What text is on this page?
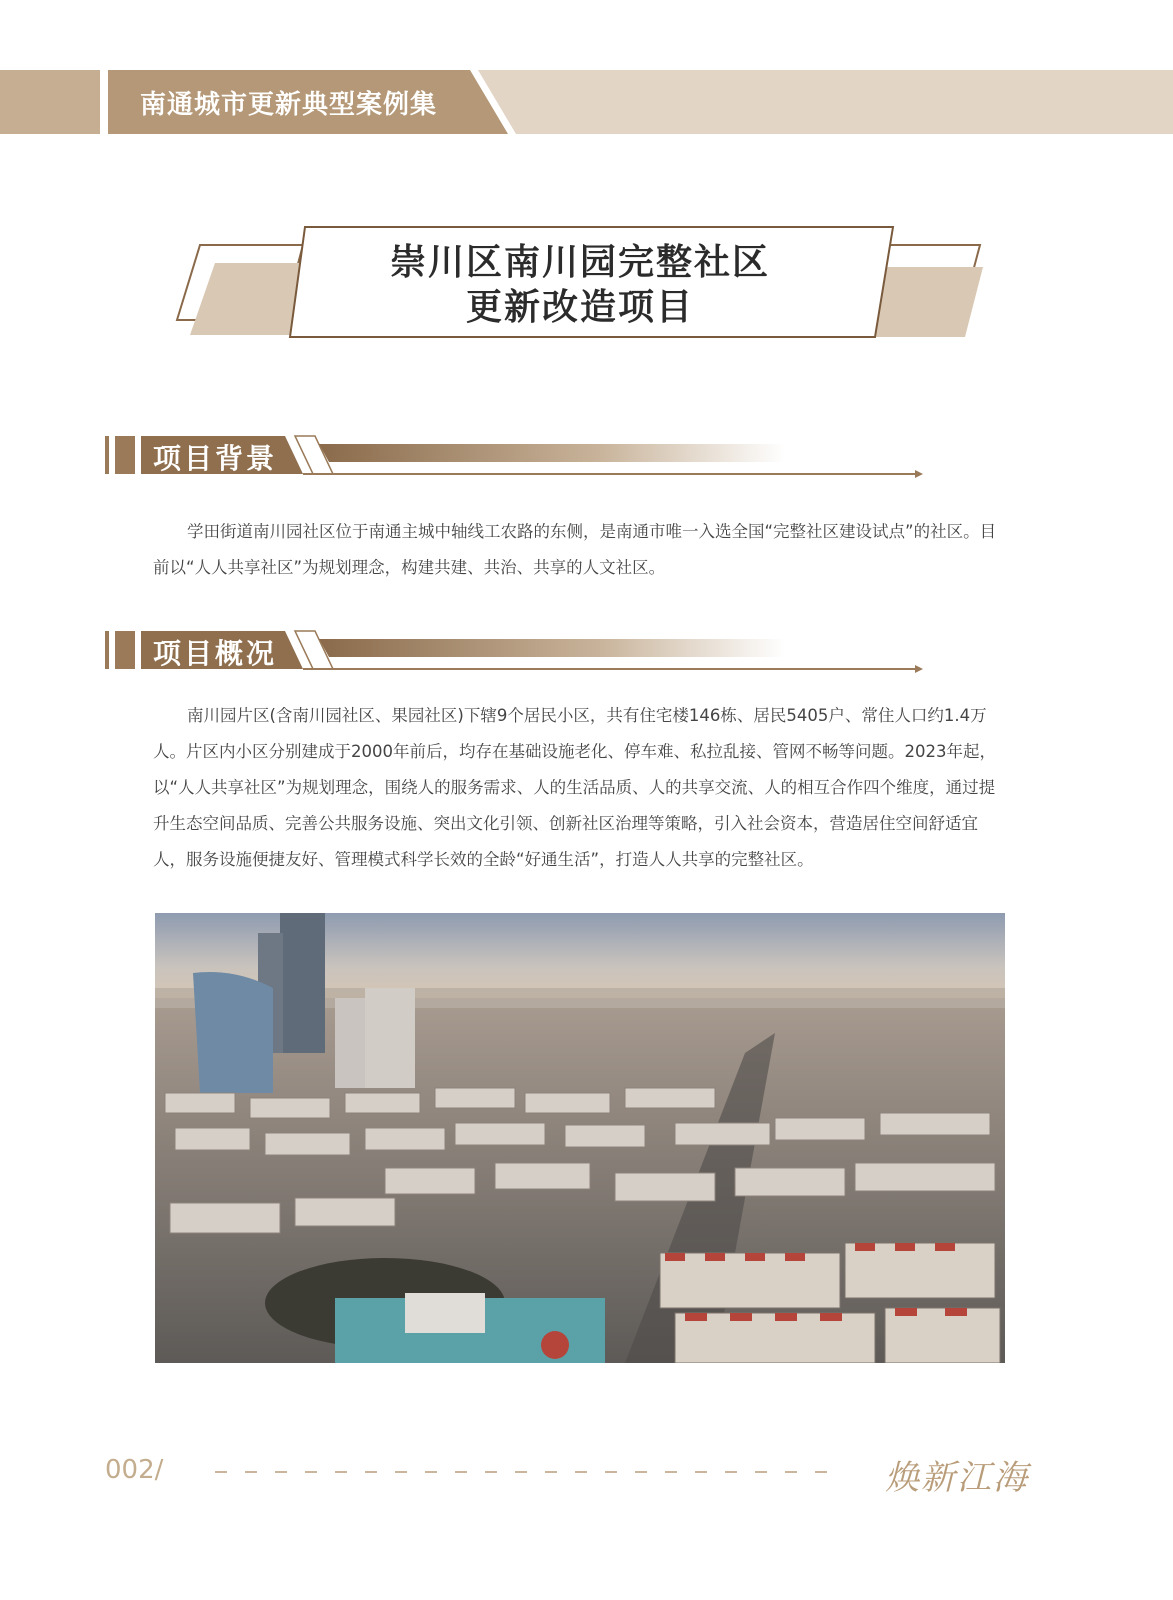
南通城市更新典型案例集
崇川区南川园完整社区
更新改造项目
项目背景

学田街道南川园社区位于南通主城中轴线工农路的东侧，是南通市唯一入选全国“完整社区建设试点”的社区。目前以“人人共享社区”为规划理念，构建共建、共治、共享的人文社区。

项目概况

南川园片区(含南川园社区、果园社区)下辖9个居民小区，共有住宅楼146栋、居民5405户、常住人口约1.4万人。片区内小区分别建成于2000年前后，均存在基础设施老化、停车难、私拉乱接、管网不畅等问题。2023年起，以“人人共享社区”为规划理念，围绕人的服务需求、人的生活品质、人的共享交流、人的相互合作四个维度，通过提升生态空间品质、完善公共服务设施、突出文化引领、创新社区治理等策略，引入社会资本，营造居住空间舒适宜人，服务设施便捷友好、管理模式科学长效的全龄“好通生活”，打造人人共享的完整社区。

002/	焕新江海
